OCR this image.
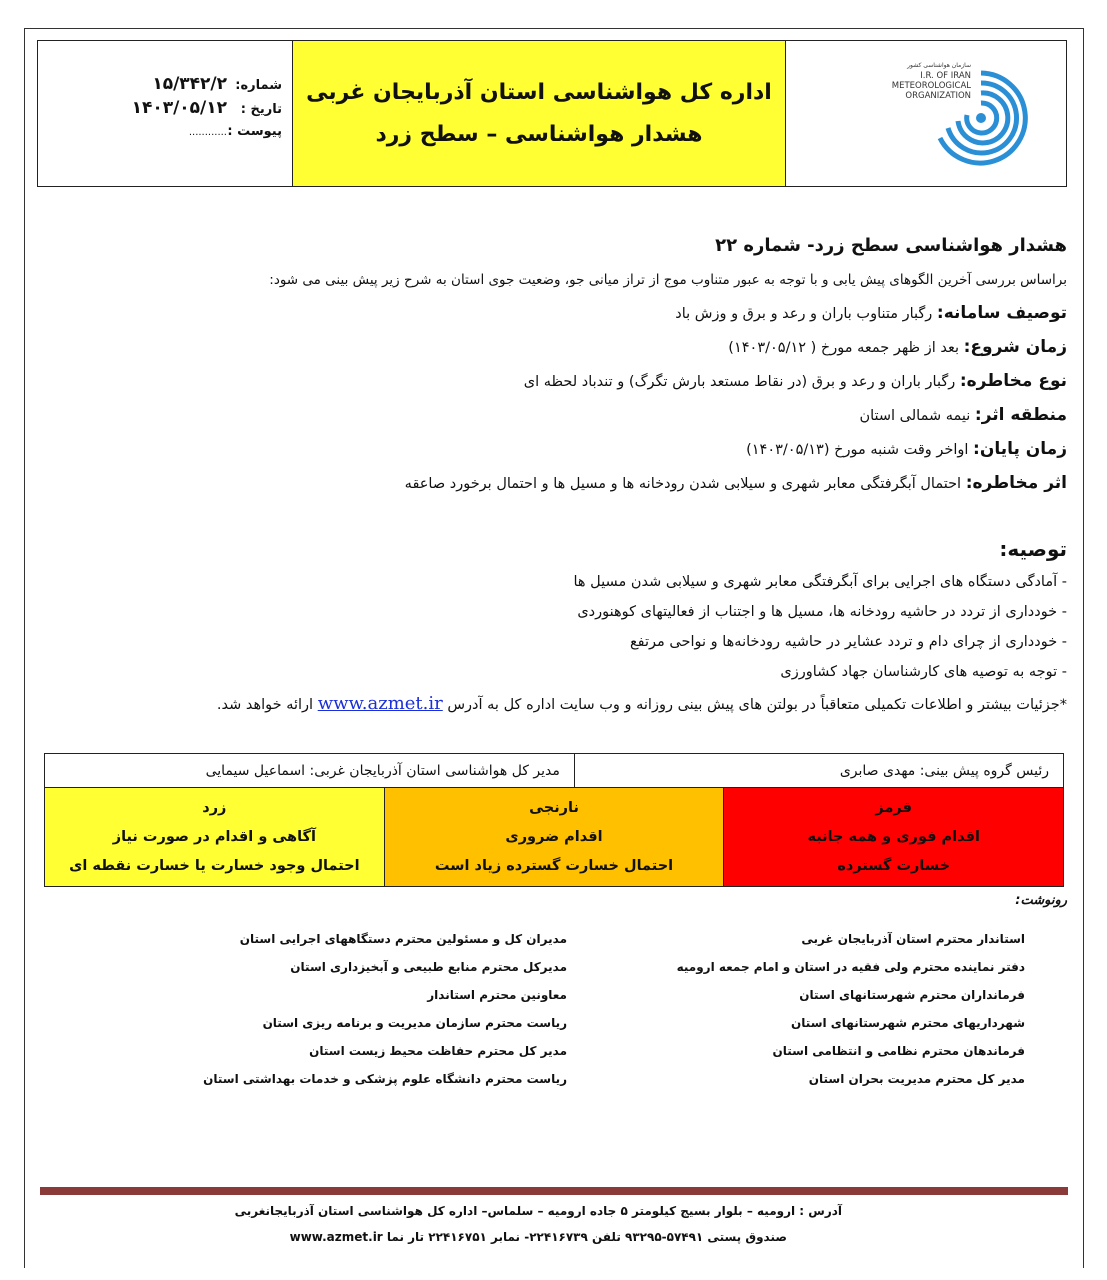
سازمان هواشناسی کشور
I.R. OF IRAN
METEOROLOGICAL
ORGANIZATION
اداره کل هواشناسی استان آذربایجان غربی
هشدار هواشناسی – سطح زرد
شماره:
۱۵/۳۴۲/۲
تاریخ :
۱۴۰۳/۰۵/۱۲
پیوست :
............
هشدار هواشناسی سطح زرد- شماره ۲۲
براساس بررسی آخرین الگوهای پیش یابی و با توجه به عبور متناوب موج از تراز میانی جو، وضعیت جوی استان به شرح زیر پیش بینی می شود:
توصیف سامانه: رگبار متناوب باران و رعد و برق و وزش باد
زمان شروع: بعد از ظهر جمعه مورخ ( ۱۴۰۳/۰۵/۱۲)
نوع مخاطره: رگبار باران و رعد و برق (در نقاط مستعد بارش تگرگ) و تندباد لحظه ای
منطقه اثر: نیمه شمالی استان
زمان پایان: اواخر وقت شنبه مورخ (۱۴۰۳/۰۵/۱۳)
اثر مخاطره: احتمال آبگرفتگی معابر شهری و سیلابی شدن رودخانه ها و مسیل ها و احتمال برخورد صاعقه
توصیه:
- آمادگی دستگاه های اجرایی برای آبگرفتگی معابر شهری و سیلابی شدن مسیل ها
- خودداری از تردد در حاشیه رودخانه ها، مسیل ها و اجتناب از فعالیتهای کوهنوردی
- خودداری از چرای دام و تردد عشایر در حاشیه رودخانه‌ها و نواحی مرتفع
- توجه به توصیه های کارشناسان جهاد کشاورزی
*جزئیات بیشتر و اطلاعات تکمیلی متعاقباً در بولتن های پیش بینی روزانه و وب سایت اداره کل به آدرس www.azmet.ir ارائه خواهد شد.
رئیس گروه پیش بینی: مهدی صابری	مدیر کل هواشناسی استان آذربایجان غربی: اسماعیل سیمایی
زرد
آگاهی و اقدام در صورت نیاز
احتمال وجود خسارت یا خسارت نقطه ای
نارنجی
اقدام ضروری
احتمال خسارت گسترده زیاد است
قرمز
اقدام فوری و همه جانبه
خسارت گسترده
رونوشت:
استاندار محترم استان آذربایجان غربی
دفتر نماینده محترم ولی فقیه در استان و امام جمعه ارومیه
فرمانداران محترم شهرستانهای استان
شهرداریهای محترم شهرستانهای استان
فرماندهان محترم نظامی و انتظامی استان
مدیر کل محترم مدیریت بحران استان
مدیران کل و مسئولین محترم دستگاههای اجرایی استان
مدیرکل محترم منابع طبیعی و آبخیزداری استان
معاونین محترم استاندار
ریاست محترم سازمان مدیریت و برنامه ریزی استان
مدیر کل محترم حفاظت محیط زیست استان
ریاست محترم دانشگاه علوم پزشکی و خدمات بهداشتی استان
آدرس : ارومیه – بلوار بسیج کیلومتر ۵ جاده ارومیه – سلماس– اداره کل هواشناسی استان آذربایجانغربی
صندوق پستی ۵۷۴۹۱-۹۳۲۹۵ تلفن ۲۲۴۱۶۷۳۹- نمابر ۲۲۴۱۶۷۵۱ تار نما www.azmet.ir
